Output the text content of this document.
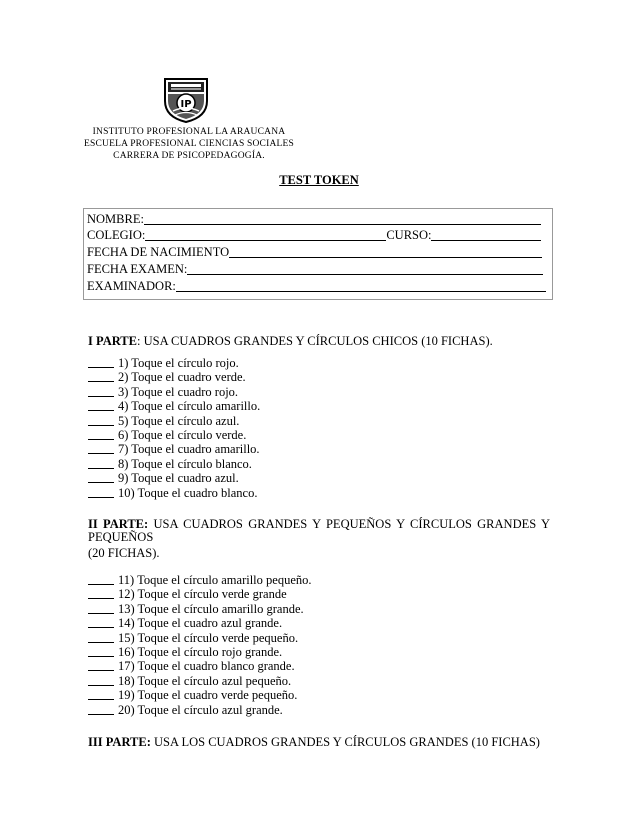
IP
INSTITUTO PROFESIONAL LA ARAUCANA
ESCUELA PROFESIONAL CIENCIAS SOCIALES
CARRERA DE PSICOPEDAGOGÍA.
TEST TOKEN
NOMBRE:
COLEGIO:	CURSO:
FECHA DE NACIMIENTO
FECHA EXAMEN:
EXAMINADOR:
I PARTE: USA CUADROS GRANDES Y CÍRCULOS CHICOS (10 FICHAS).
1) Toque el círculo rojo.
2) Toque el cuadro verde.
3) Toque el cuadro rojo.
4) Toque el círculo amarillo.
5) Toque el círculo azul.
6) Toque el círculo verde.
7) Toque el cuadro amarillo.
8) Toque el círculo blanco.
9) Toque el cuadro azul.
10) Toque el cuadro blanco.
II PARTE: USA CUADROS GRANDES Y PEQUEÑOS Y CÍRCULOS GRANDES Y
PEQUEÑOS
(20 FICHAS).
11) Toque el círculo amarillo pequeño.
12) Toque el círculo verde grande
13) Toque el círculo amarillo grande.
14) Toque el cuadro azul grande.
15) Toque el círculo verde pequeño.
16) Toque el círculo rojo grande.
17) Toque el cuadro blanco grande.
18) Toque el círculo azul pequeño.
19) Toque el cuadro verde pequeño.
20) Toque el círculo azul grande.
III PARTE: USA LOS CUADROS GRANDES Y CÍRCULOS GRANDES (10 FICHAS)
